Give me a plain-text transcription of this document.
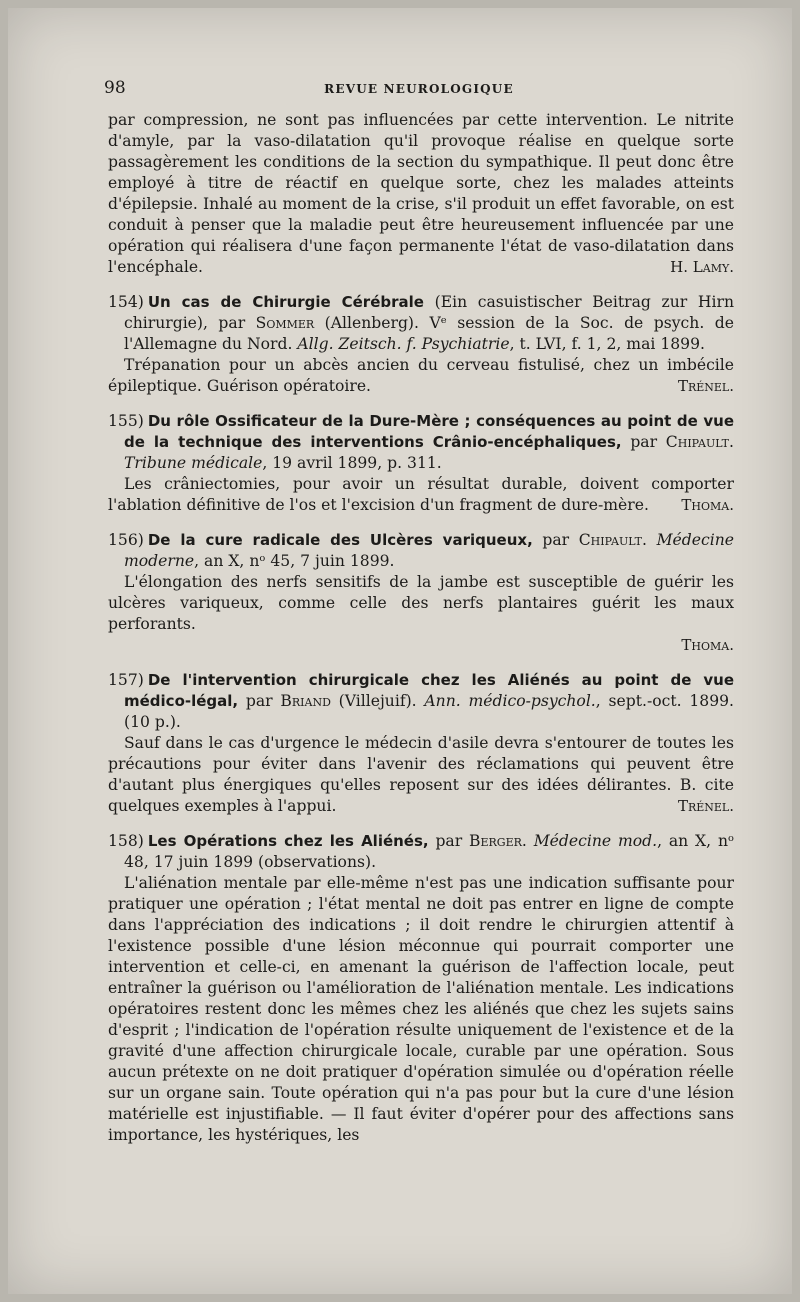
98	REVUE NEUROLOGIQUE

par compression, ne sont pas influencées par cette intervention. Le nitrite d'amyle, par la vaso-dilatation qu'il provoque réalise en quelque sorte passagèrement les conditions de la section du sympathique. Il peut donc être employé à titre de réactif en quelque sorte, chez les malades atteints d'épilepsie. Inhalé au moment de la crise, s'il produit un effet favorable, on est conduit à penser que la maladie peut être heureusement influencée par une opération qui réalisera d'une façon permanente l'état de vaso-dilatation dans l'encéphale.	H. Lamy.

154) Un cas de Chirurgie Cérébrale (Ein casuistischer Beitrag zur Hirn chirurgie), par Sommer (Allenberg). Vᵉ session de la Soc. de psych. de l'Allemagne du Nord. Allg. Zeitsch. f. Psychiatrie, t. LVI, f. 1, 2, mai 1899.

Trépanation pour un abcès ancien du cerveau fistulisé, chez un imbécile épileptique. Guérison opératoire.	Trénel.

155) Du rôle Ossificateur de la Dure-Mère ; conséquences au point de vue de la technique des interventions Crânio-encéphaliques, par Chipault. Tribune médicale, 19 avril 1899, p. 311.

Les crâniectomies, pour avoir un résultat durable, doivent comporter l'ablation définitive de l'os et l'excision d'un fragment de dure-mère.	Thoma.

156) De la cure radicale des Ulcères variqueux, par Chipault. Médecine moderne, an X, nᵒ 45, 7 juin 1899.

L'élongation des nerfs sensitifs de la jambe est susceptible de guérir les ulcères variqueux, comme celle des nerfs plantaires guérit les maux perforants.

Thoma.

157) De l'intervention chirurgicale chez les Aliénés au point de vue médico-légal, par Briand (Villejuif). Ann. médico-psychol., sept.-oct. 1899. (10 p.).

Sauf dans le cas d'urgence le médecin d'asile devra s'entourer de toutes les précautions pour éviter dans l'avenir des réclamations qui peuvent être d'autant plus énergiques qu'elles reposent sur des idées délirantes. B. cite quelques exemples à l'appui.	Trénel.

158) Les Opérations chez les Aliénés, par Berger. Médecine mod., an X, nᵒ 48, 17 juin 1899 (observations).

L'aliénation mentale par elle-même n'est pas une indication suffisante pour pratiquer une opération ; l'état mental ne doit pas entrer en ligne de compte dans l'appréciation des indications ; il doit rendre le chirurgien attentif à l'existence possible d'une lésion méconnue qui pourrait comporter une intervention et celle-ci, en amenant la guérison de l'affection locale, peut entraîner la guérison ou l'amélioration de l'aliénation mentale. Les indications opératoires restent donc les mêmes chez les aliénés que chez les sujets sains d'esprit ; l'indication de l'opération résulte uniquement de l'existence et de la gravité d'une affection chirurgicale locale, curable par une opération. Sous aucun prétexte on ne doit pratiquer d'opération simulée ou d'opération réelle sur un organe sain. Toute opération qui n'a pas pour but la cure d'une lésion matérielle est injustifiable. — Il faut éviter d'opérer pour des affections sans importance, les hystériques, les
